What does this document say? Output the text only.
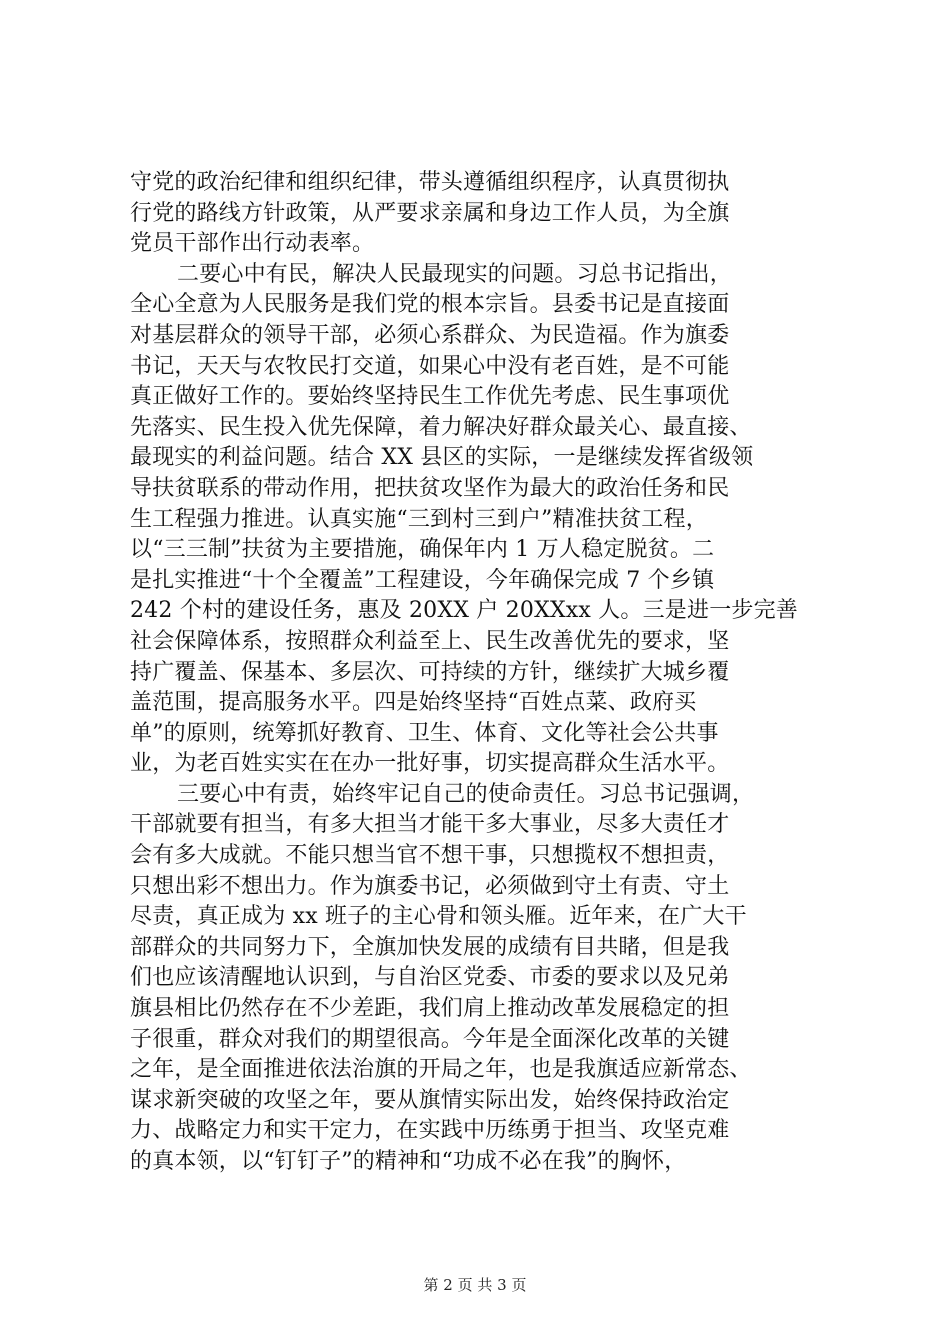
守党的政治纪律和组织纪律，带头遵循组织程序，认真贯彻执
行党的路线方针政策，从严要求亲属和身边工作人员，为全旗
党员干部作出行动表率。
二要心中有民，解决人民最现实的问题。习总书记指出，
全心全意为人民服务是我们党的根本宗旨。县委书记是直接面
对基层群众的领导干部，必须心系群众、为民造福。作为旗委
书记，天天与农牧民打交道，如果心中没有老百姓，是不可能
真正做好工作的。要始终坚持民生工作优先考虑、民生事项优
先落实、民生投入优先保障，着力解决好群众最关心、最直接、
最现实的利益问题。结合 XX 县区的实际，一是继续发挥省级领
导扶贫联系的带动作用，把扶贫攻坚作为最大的政治任务和民
生工程强力推进。认真实施“三到村三到户”精准扶贫工程，
以“三三制”扶贫为主要措施，确保年内 1 万人稳定脱贫。二
是扎实推进“十个全覆盖”工程建设，今年确保完成 7 个乡镇
242 个村的建设任务，惠及 20XX 户 20XXxx 人。三是进一步完善
社会保障体系，按照群众利益至上、民生改善优先的要求，坚
持广覆盖、保基本、多层次、可持续的方针，继续扩大城乡覆
盖范围，提高服务水平。四是始终坚持“百姓点菜、政府买
单”的原则，统筹抓好教育、卫生、体育、文化等社会公共事
业，为老百姓实实在在办一批好事，切实提高群众生活水平。
三要心中有责，始终牢记自己的使命责任。习总书记强调，
干部就要有担当，有多大担当才能干多大事业，尽多大责任才
会有多大成就。不能只想当官不想干事，只想揽权不想担责，
只想出彩不想出力。作为旗委书记，必须做到守土有责、守土
尽责，真正成为 xx 班子的主心骨和领头雁。近年来，在广大干
部群众的共同努力下，全旗加快发展的成绩有目共睹，但是我
们也应该清醒地认识到，与自治区党委、市委的要求以及兄弟
旗县相比仍然存在不少差距，我们肩上推动改革发展稳定的担
子很重，群众对我们的期望很高。今年是全面深化改革的关键
之年，是全面推进依法治旗的开局之年，也是我旗适应新常态、
谋求新突破的攻坚之年，要从旗情实际出发，始终保持政治定
力、战略定力和实干定力，在实践中历练勇于担当、攻坚克难
的真本领，以“钉钉子”的精神和“功成不必在我”的胸怀，
第 2 页 共 3 页
